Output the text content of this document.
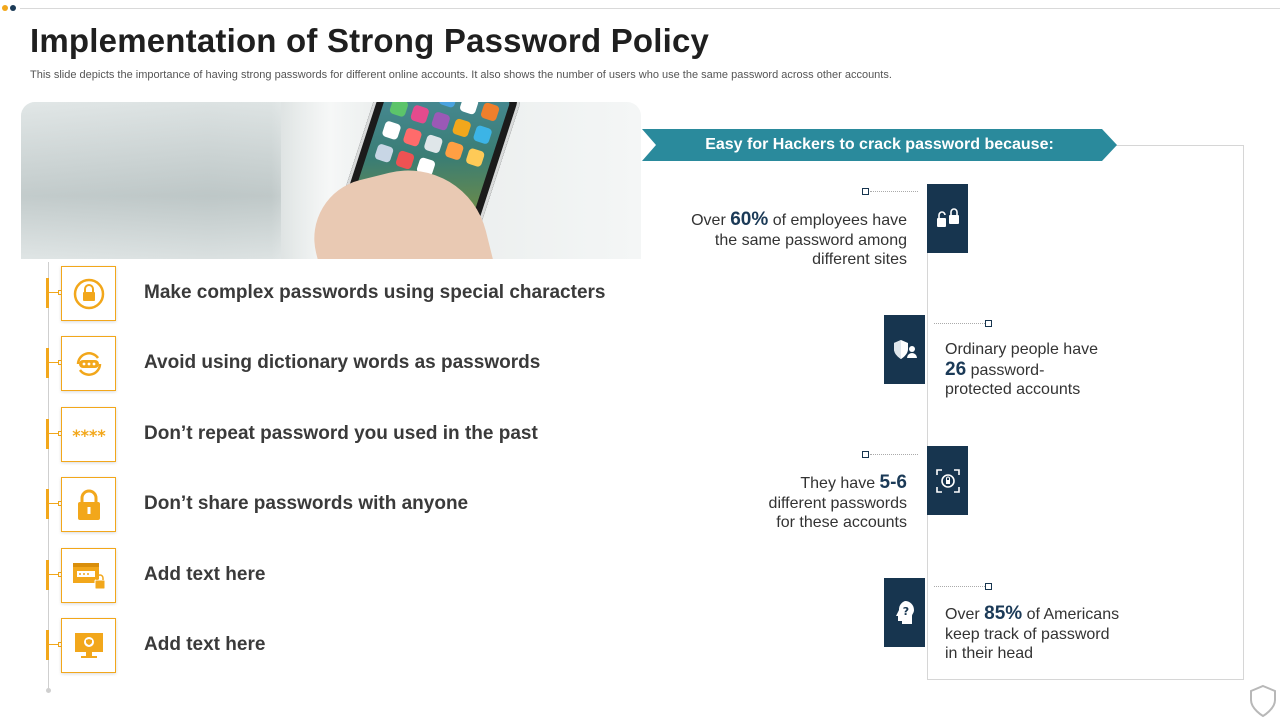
Implementation of Strong Password Policy
This slide depicts the importance of having strong passwords for different online accounts. It also shows the number of users who use the same password across other accounts.
Make complex passwords using special characters
Avoid using dictionary words as passwords
**** Don’t repeat password you used in the past
Don’t share passwords with anyone
Add text here
Add text here
Easy for Hackers to crack password because:
Over 60% of employees have
the same password among
different sites
Ordinary people have
26 password-
protected accounts
They have 5-6
different passwords
for these accounts
? Over 85% of Americans
keep track of password
in their head
